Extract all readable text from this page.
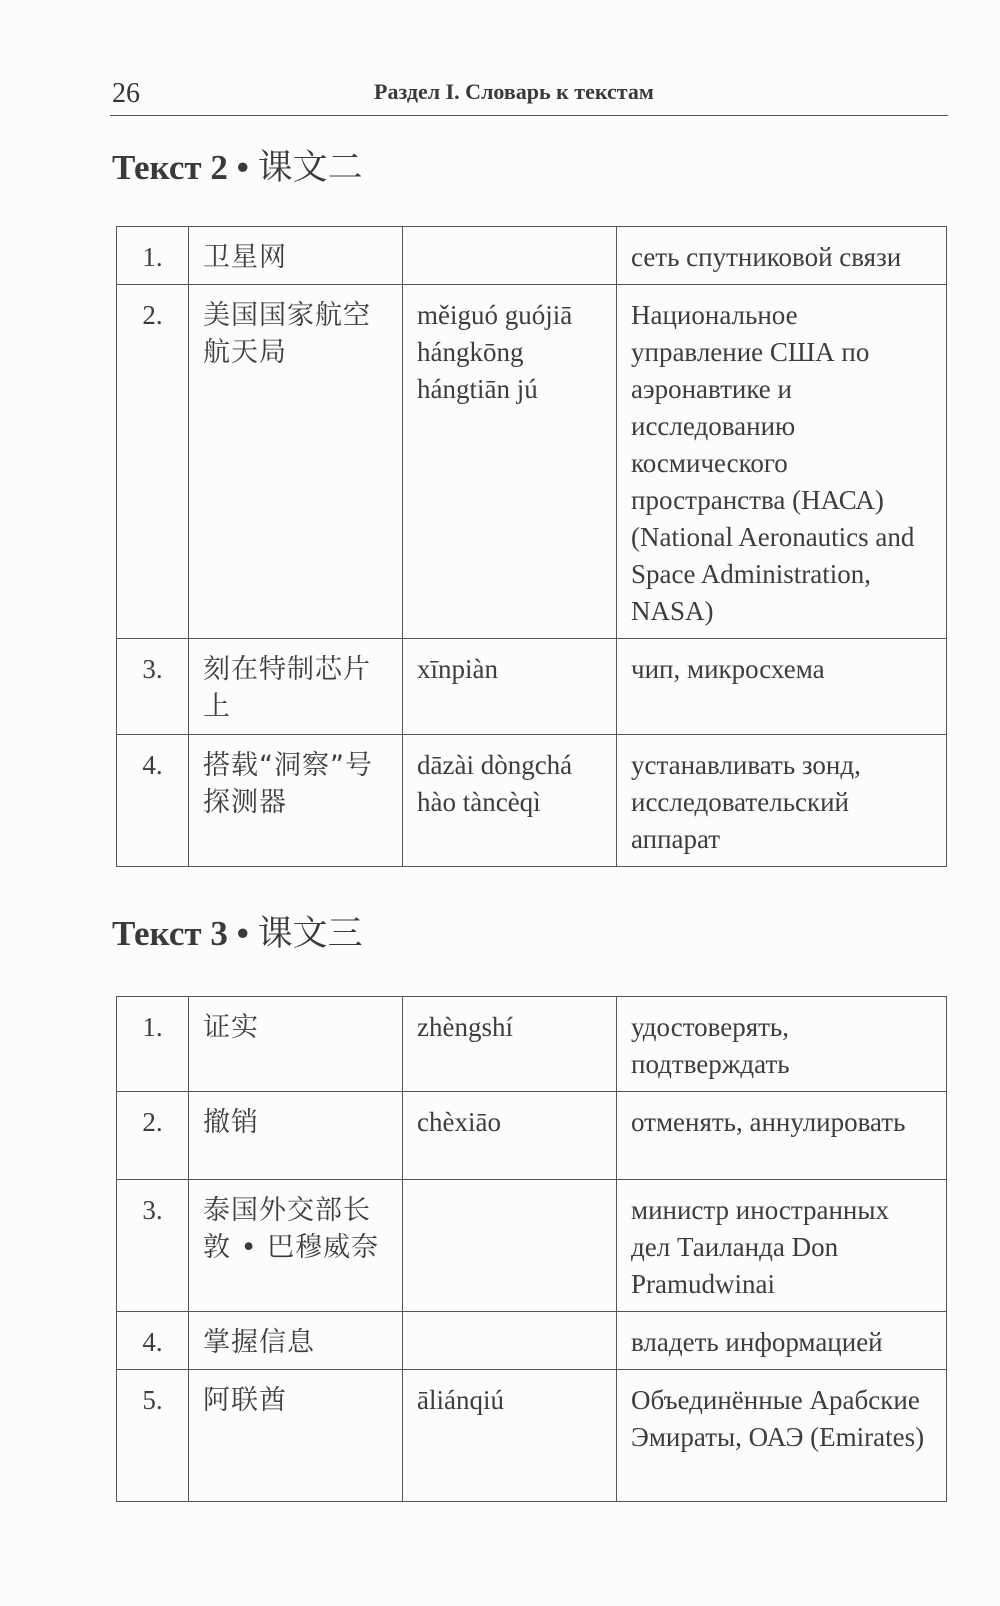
26	Раздел I. Словарь к текстам
Текст 2 • 课文二
1.	卫星网		сеть спутниковой связи
2.	美国国家航空航天局	měiguó guójiā hángkōng hángtiān jú	Национальное управление США по аэронавтике и исследованию космического пространства (НАСА) (National Aeronautics and Space Administration, NASA)
3.	刻在特制芯片上	xīnpiàn	чип, микросхема
4.	搭载“洞察”号探测器	dāzài dòngchá hào tàncèqì	устанавливать зонд, исследовательский аппарат
Текст 3 • 课文三
1.	证实	zhèngshí	удостоверять, подтверждать
2.	撤销	chèxiāo	отменять, аннулировать
3.	泰国外交部长敦 • 巴穆威奈		министр иностранных дел Таиланда Don Pramudwinai
4.	掌握信息		владеть информацией
5.	阿联酋	āliánqiú	Объединённые Арабские Эмираты, ОАЭ (Emirates)
